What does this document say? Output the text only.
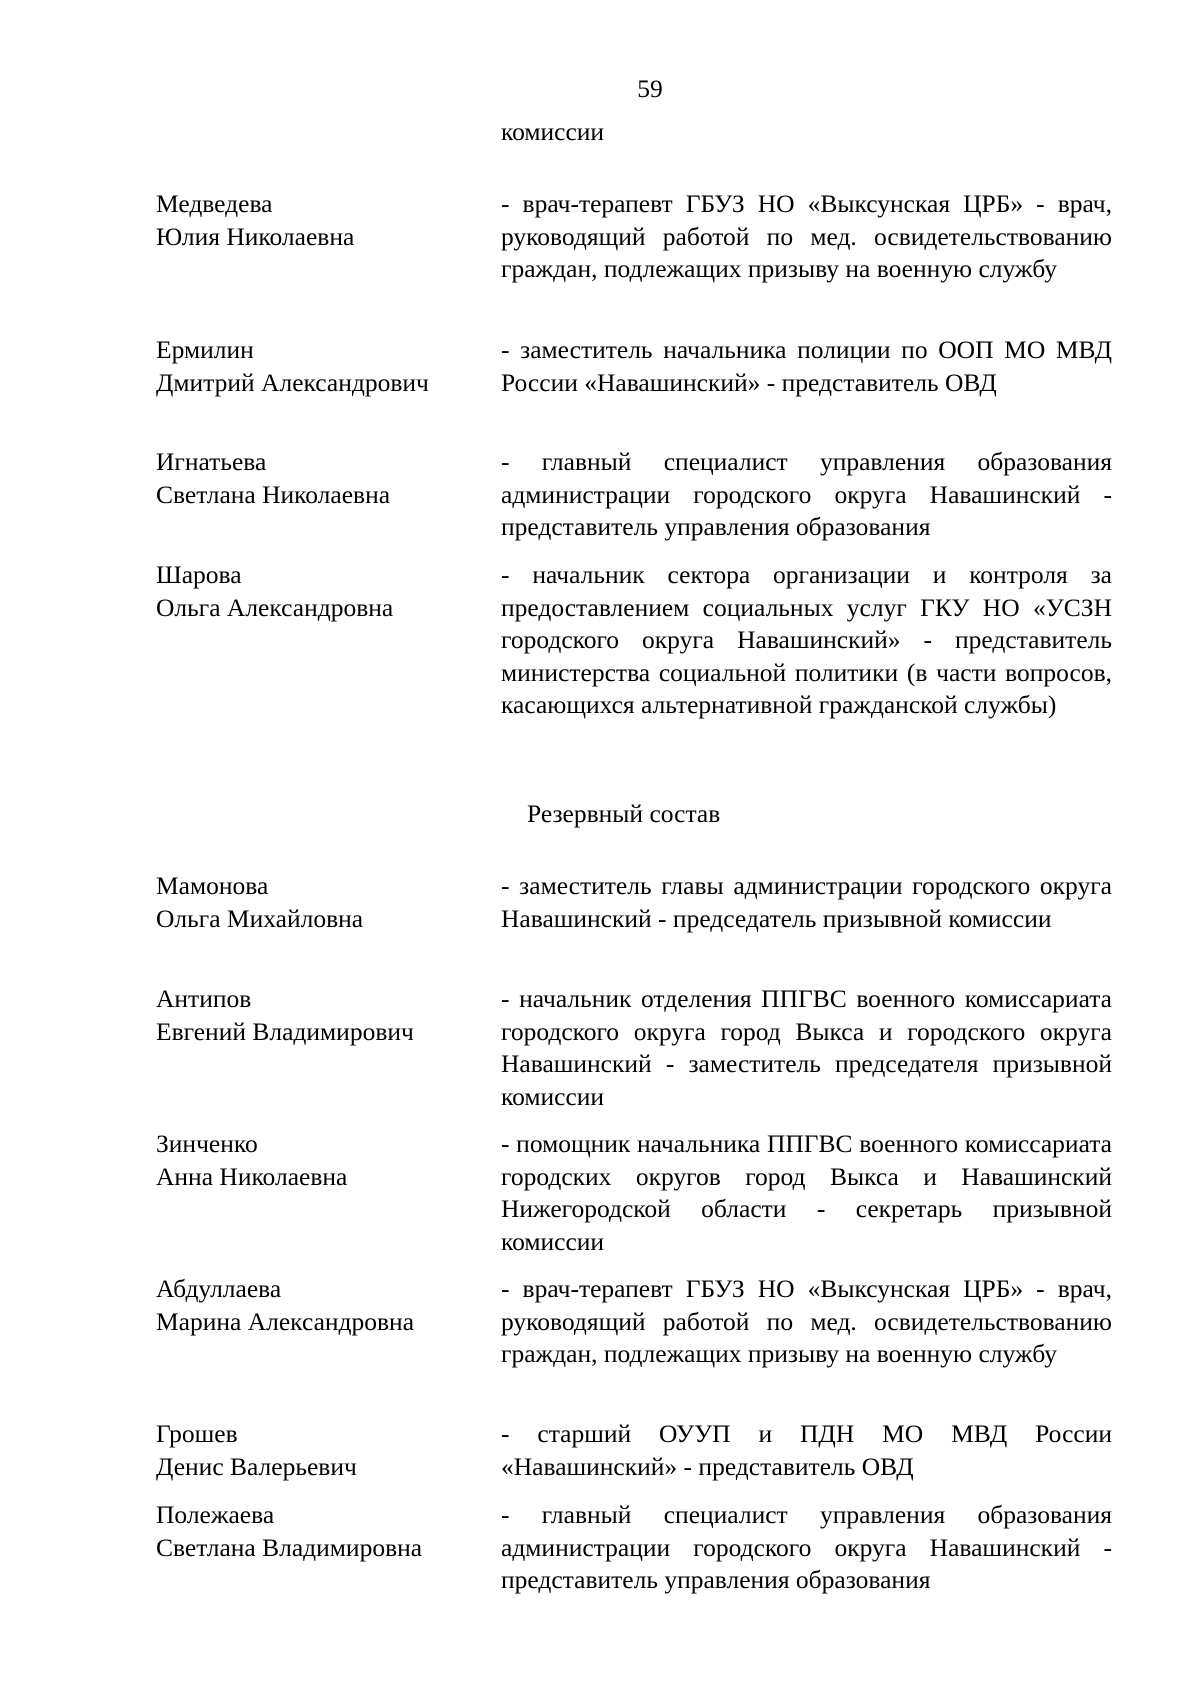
59
комиссии
Медведева
Юлия Николаевна
- врач-терапевт ГБУЗ НО «Выксунская ЦРБ» - врач, руководящий работой по мед. освидетельствованию граждан, подлежащих призыву на военную службу
Ермилин
Дмитрий Александрович
- заместитель начальника полиции по ООП МО МВД России «Навашинский» - представитель ОВД
Игнатьева
Светлана Николаевна
- главный специалист управления образования администрации городского округа Навашинский - представитель управления образования
Шарова
Ольга Александровна
- начальник сектора организации и контроля за предоставлением социальных услуг ГКУ НО «УСЗН городского округа Навашинский» - представитель министерства социальной политики (в части вопросов, касающихся альтернативной гражданской службы)
Резервный состав
Мамонова
Ольга Михайловна
- заместитель главы администрации городского округа Навашинский - председатель призывной комиссии
Антипов
Евгений Владимирович
- начальник отделения ППГВС военного комиссариата городского округа город Выкса и городского округа Навашинский - заместитель председателя призывной комиссии
Зинченко
Анна Николаевна
- помощник начальника ППГВС военного комиссариата городских округов город Выкса и Навашинский Нижегородской области - секретарь призывной комиссии
Абдуллаева
Марина Александровна
- врач-терапевт ГБУЗ НО «Выксунская ЦРБ» - врач, руководящий работой по мед. освидетельствованию граждан, подлежащих призыву на военную службу
Грошев
Денис Валерьевич
- старший ОУУП и ПДН МО МВД России «Навашинский» - представитель ОВД
Полежаева
Светлана Владимировна
- главный специалист управления образования администрации городского округа Навашинский - представитель управления образования
